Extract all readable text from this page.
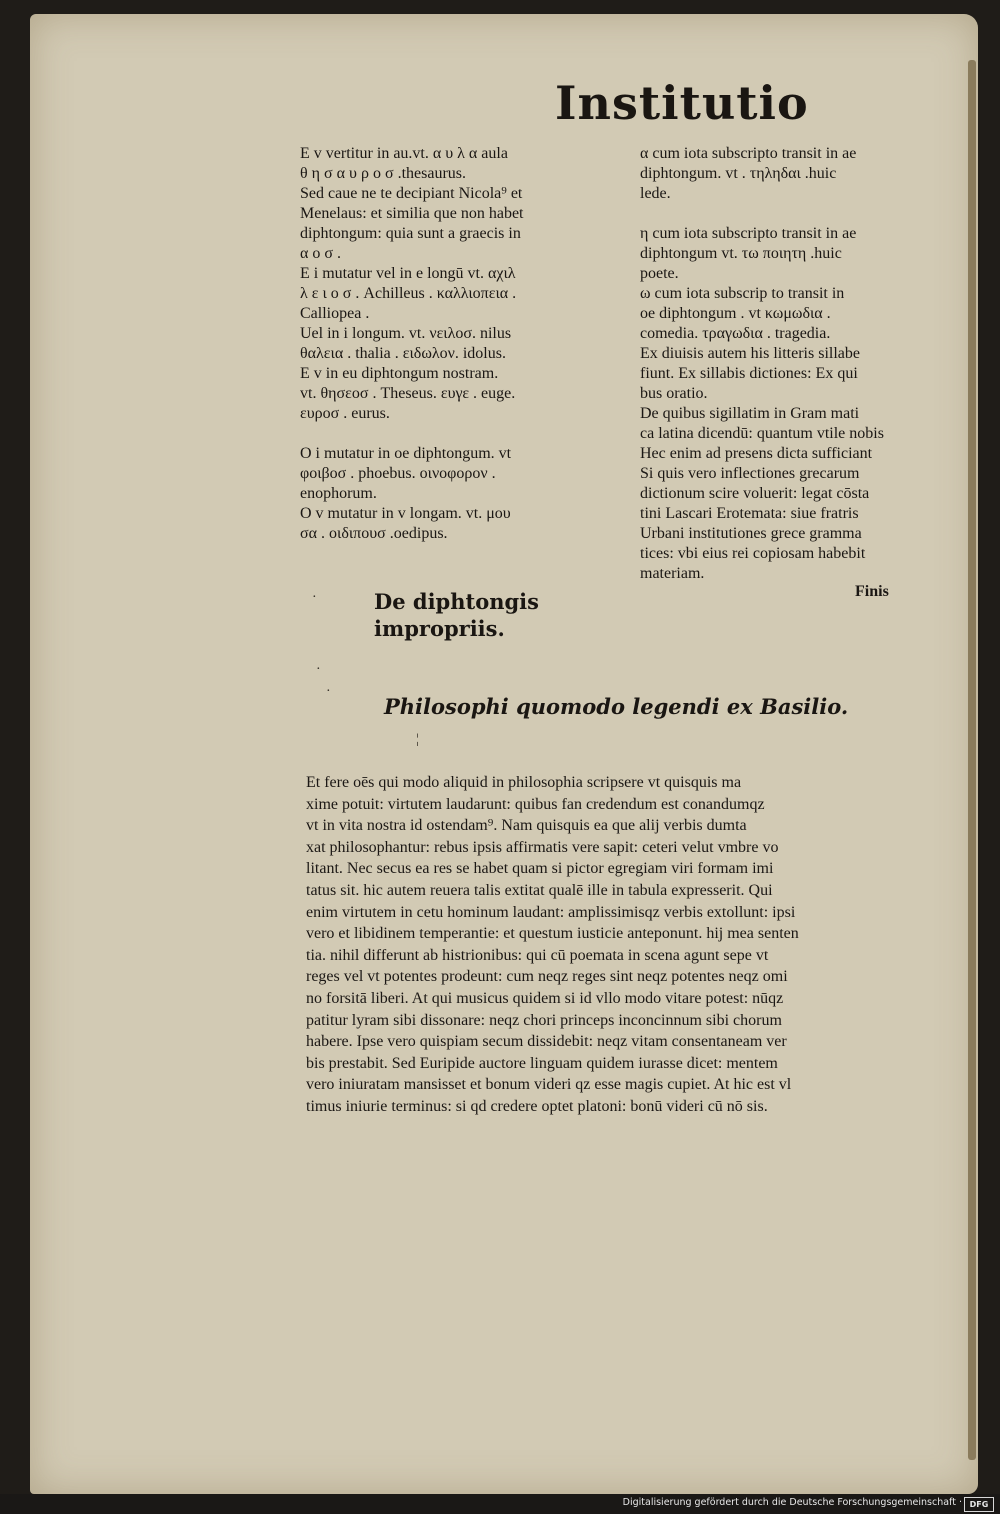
Institutio
E v vertitur in au.vt. α υ λ α aula
θ η σ α υ ρ ο σ .thesaurus.
Sed caue ne te decipiant Nicola⁹ et
Menelaus: et similia que non habet
diphtongum: quia sunt a graecis in
α ο σ .
E i mutatur vel in e longū vt. αχιλ
λ ε ι ο σ . Achilleus . καλλιοπεια .
Calliopea .
Uel in i longum. vt. νειλοσ. nilus
θαλεια . thalia . ειδωλον. idolus.
E v in eu diphtongum nostram.
vt. θησεοσ . Theseus. ευγε . euge.
ευροσ . eurus.
O i mutatur in oe diphtongum. vt
φοιβοσ . phoebus. οινοφορον .
enophorum.
O v mutatur in v longam. vt. μου
σα . οιδιπουσ .oedipus.
α cum iota subscripto transit in ae
diphtongum. vt . τηληδαι .huic
lede.
η cum iota subscripto transit in ae
diphtongum vt. τω ποιητη .huic
poete.
ω cum iota subscrip to transit in
oe diphtongum . vt κωμωδια .
comedia. τραγωδια . tragedia.
Ex diuisis autem his litteris sillabe
fiunt. Ex sillabis dictiones: Ex qui
bus oratio.
De quibus sigillatim in Gram mati
ca latina dicendū: quantum vtile nobis
Hec enim ad presens dicta sufficiant
Si quis vero inflectiones grecarum
dictionum scire voluerit: legat cōsta
tini Lascari Erotemata: siue fratris
Urbani institutiones grece gramma
tices: vbi eius rei copiosam habebit
materiam.
Finis
De diphtongis
impropriis.
·
·
·
¦
Philosophi quomodo legendi ex Basilio.
Et fere oēs qui modo aliquid in philosophia scripsere vt quisquis ma
xime potuit: virtutem laudarunt: quibus fan credendum est conandumqz
vt in vita nostra id ostendam⁹. Nam quisquis ea que alij verbis dumta
xat philosophantur: rebus ipsis affirmatis vere sapit: ceteri velut vmbre vo
litant. Nec secus ea res se habet quam si pictor egregiam viri formam imi
tatus sit. hic autem reuera talis extitat qualē ille in tabula expresserit. Qui
enim virtutem in cetu hominum laudant: amplissimisqz verbis extollunt: ipsi
vero et libidinem temperantie: et questum iusticie anteponunt. hij mea senten
tia. nihil differunt ab histrionibus: qui cū poemata in scena agunt sepe vt
reges vel vt potentes prodeunt: cum neqz reges sint neqz potentes neqz omi
no forsitā liberi. At qui musicus quidem si id vllo modo vitare potest: nūqz
patitur lyram sibi dissonare: neqz chori princeps inconcinnum sibi chorum
habere. Ipse vero quispiam secum dissidebit: neqz vitam consentaneam ver
bis prestabit. Sed Euripide auctore linguam quidem iurasse dicet: mentem
vero iniuratam mansisset et bonum videri qz esse magis cupiet. At hic est vl
timus iniurie terminus: si qd credere optet platoni: bonū videri cū nō sis.
Digitalisierung gefördert durch die Deutsche Forschungsgemeinschaft · DFG
